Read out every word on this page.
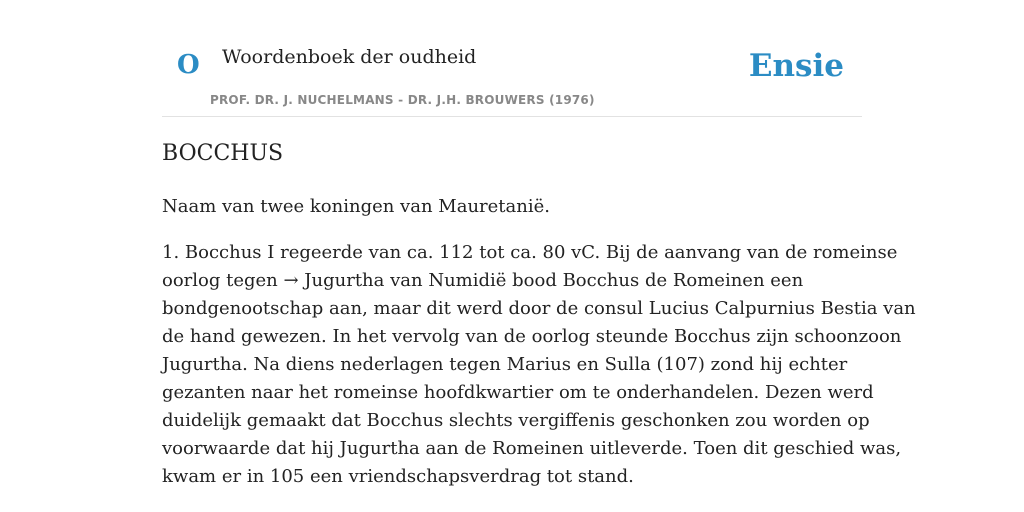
O Woordenboek der oudheid
PROF. DR. J. NUCHELMANS - DR. J.H. BROUWERS (1976)
Ensie
BOCCHUS

Naam van twee koningen van Mauretanië.

1. Bocchus I regeerde van ca. 112 tot ca. 80 vC. Bij de aanvang van de romeinse
oorlog tegen → Jugurtha van Numidië bood Bocchus de Romeinen een
bondgenootschap aan, maar dit werd door de consul Lucius Calpurnius Bestia van
de hand gewezen. In het vervolg van de oorlog steunde Bocchus zijn schoonzoon
Jugurtha. Na diens nederlagen tegen Marius en Sulla (107) zond hij echter
gezanten naar het romeinse hoofdkwartier om te onderhandelen. Dezen werd
duidelijk gemaakt dat Bocchus slechts vergiffenis geschonken zou worden op
voorwaarde dat hij Jugurtha aan de Romeinen uitleverde. Toen dit geschied was,
kwam er in 105 een vriendschapsverdrag tot stand.
